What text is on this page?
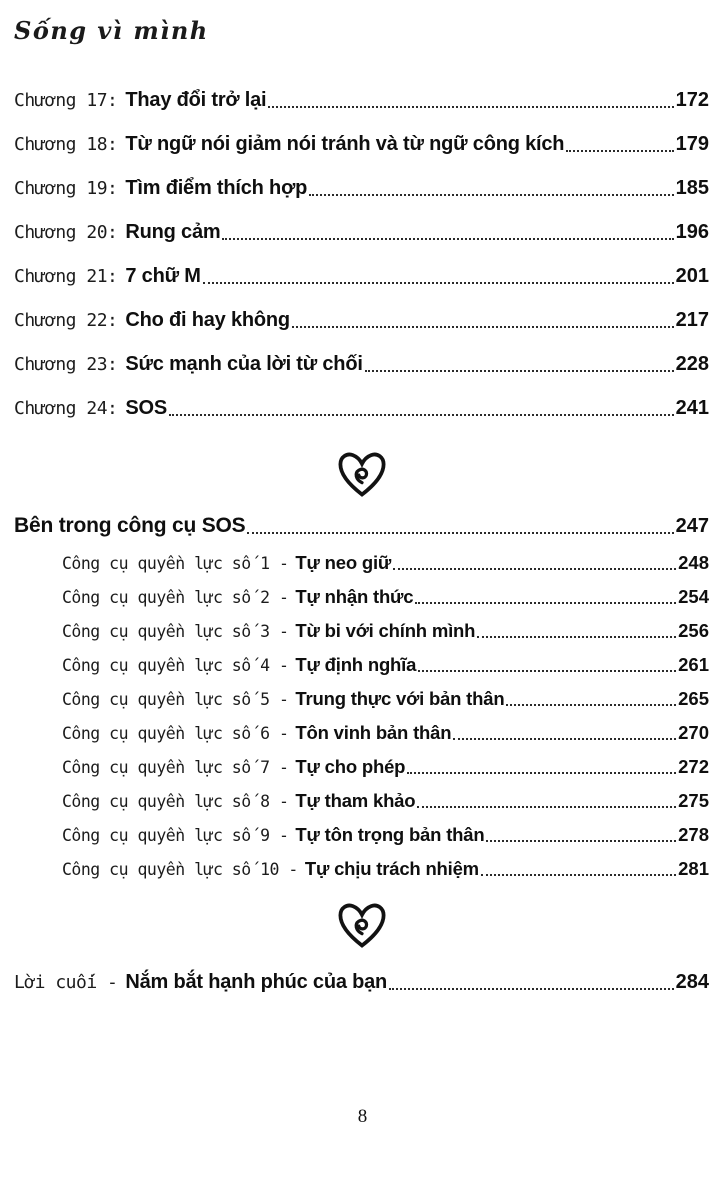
Sống vì mình
Chương 17: Thay đổi trở lại	172
Chương 18: Từ ngữ nói giảm nói tránh và từ ngữ công kích	179
Chương 19: Tìm điểm thích hợp	185
Chương 20: Rung cảm	196
Chương 21: 7 chữ M	201
Chương 22: Cho đi hay không	217
Chương 23: Sức mạnh của lời từ chối	228
Chương 24: SOS	241
Bên trong công cụ SOS	247
Công cụ quyền lực số 1 - Tự neo giữ	248
Công cụ quyền lực số 2 - Tự nhận thức	254
Công cụ quyền lực số 3 - Từ bi với chính mình	256
Công cụ quyền lực số 4 - Tự định nghĩa	261
Công cụ quyền lực số 5 - Trung thực với bản thân	265
Công cụ quyền lực số 6 - Tôn vinh bản thân	270
Công cụ quyền lực số 7 - Tự cho phép	272
Công cụ quyền lực số 8 - Tự tham khảo	275
Công cụ quyền lực số 9 - Tự tôn trọng bản thân	278
Công cụ quyền lực số 10 - Tự chịu trách nhiệm	281
Lời cuối - Nắm bắt hạnh phúc của bạn	284
8
